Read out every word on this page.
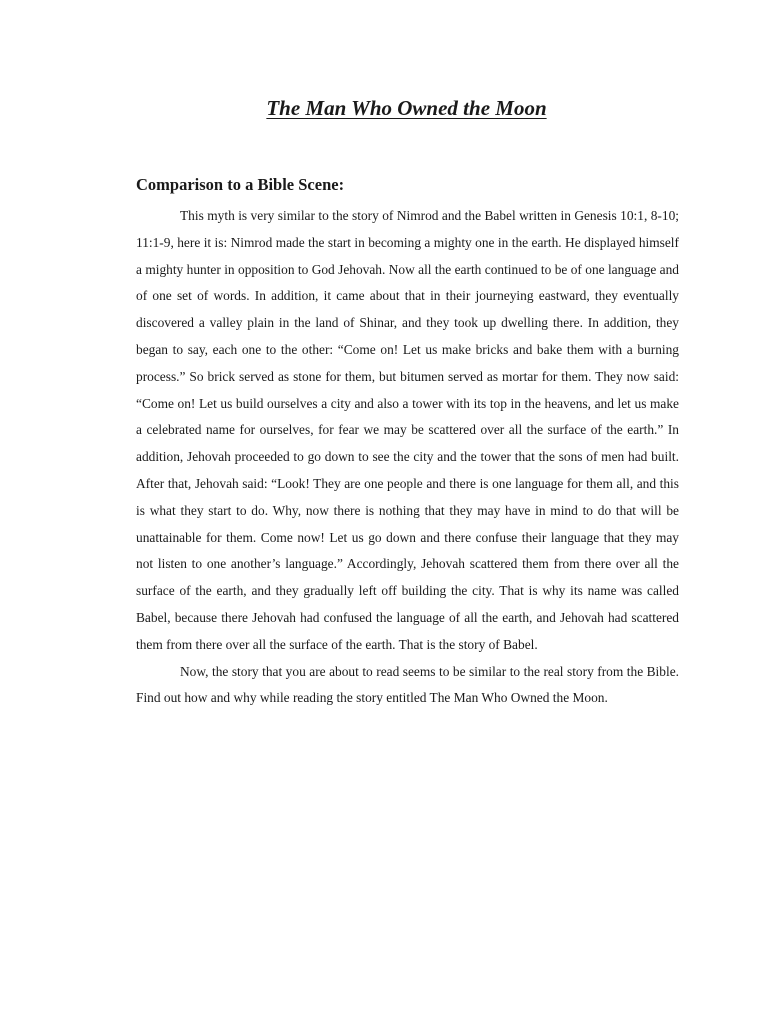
The Man Who Owned the Moon
Comparison to a Bible Scene:

This myth is very similar to the story of Nimrod and the Babel written in Genesis 10:1, 8-10; 11:1-9, here it is: Nimrod made the start in becoming a mighty one in the earth. He displayed himself a mighty hunter in opposition to God Jehovah. Now all the earth continued to be of one language and of one set of words. In addition, it came about that in their journeying eastward, they eventually discovered a valley plain in the land of Shinar, and they took up dwelling there. In addition, they began to say, each one to the other: “Come on! Let us make bricks and bake them with a burning process.” So brick served as stone for them, but bitumen served as mortar for them. They now said: “Come on! Let us build ourselves a city and also a tower with its top in the heavens, and let us make a celebrated name for ourselves, for fear we may be scattered over all the surface of the earth.” In addition, Jehovah proceeded to go down to see the city and the tower that the sons of men had built. After that, Jehovah said: “Look! They are one people and there is one language for them all, and this is what they start to do. Why, now there is nothing that they may have in mind to do that will be unattainable for them. Come now! Let us go down and there confuse their language that they may not listen to one another’s language.” Accordingly, Jehovah scattered them from there over all the surface of the earth, and they gradually left off building the city. That is why its name was called Babel, because there Jehovah had confused the language of all the earth, and Jehovah had scattered them from there over all the surface of the earth. That is the story of Babel.

Now, the story that you are about to read seems to be similar to the real story from the Bible. Find out how and why while reading the story entitled The Man Who Owned the Moon.
